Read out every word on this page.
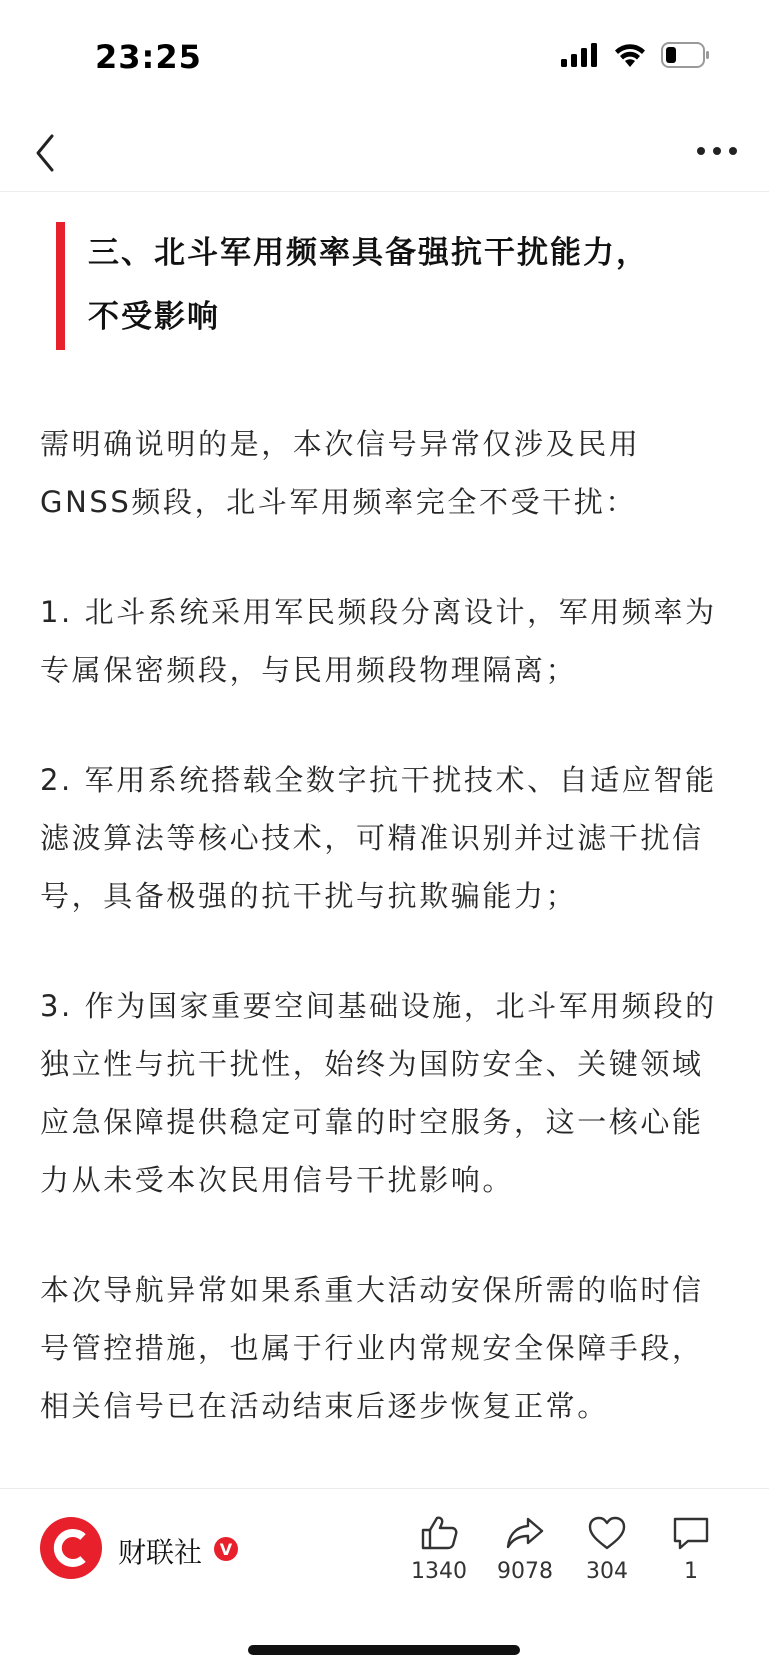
23:25
三、北斗军用频率具备强抗干扰能力，
不受影响

需明确说明的是，本次信号异常仅涉及民用GNSS频段，北斗军用频率完全不受干扰：

1. 北斗系统采用军民频段分离设计，军用频率为专属保密频段，与民用频段物理隔离；

2. 军用系统搭载全数字抗干扰技术、自适应智能滤波算法等核心技术，可精准识别并过滤干扰信号，具备极强的抗干扰与抗欺骗能力；

3. 作为国家重要空间基础设施，北斗军用频段的独立性与抗干扰性，始终为国防安全、关键领域应急保障提供稳定可靠的时空服务，这一核心能力从未受本次民用信号干扰影响。

本次导航异常如果系重大活动安保所需的临时信号管控措施，也属于行业内常规安全保障手段，相关信号已在活动结束后逐步恢复正常。

财联社	V
1340	9078	304	1
